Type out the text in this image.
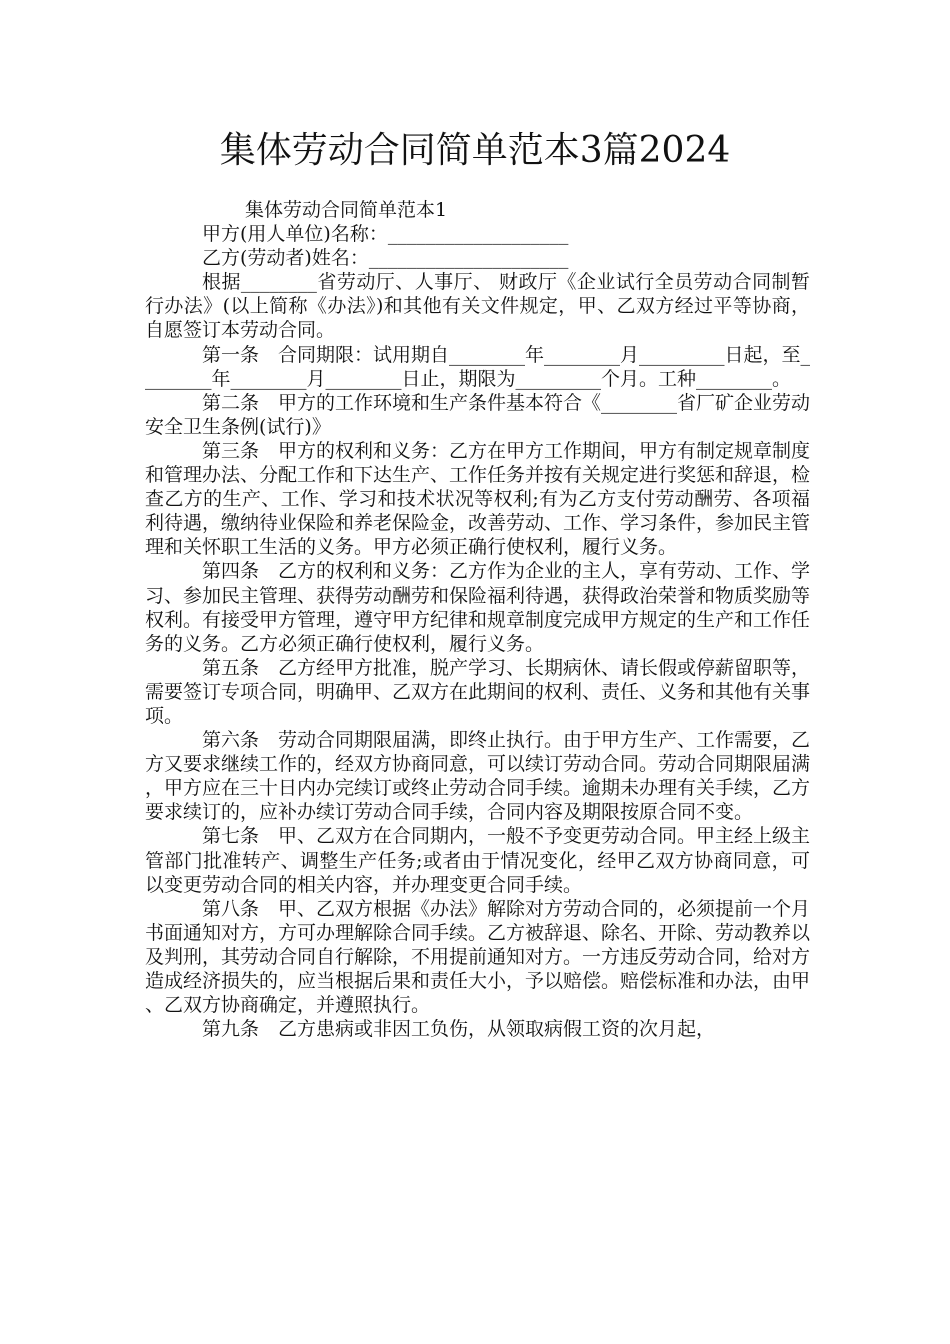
集体劳动合同简单范本3篇2024

集体劳动合同简单范本1

甲方(用人单位)名称：___________________

乙方(劳动者)姓名：_____________________

根据________省劳动厅、人事厅、 财政厅《企业试行全员劳动合同制暂行办法》(以上简称《办法》)和其他有关文件规定，甲、乙双方经过平等协商， 自愿签订本劳动合同。

第一条　合同期限：试用期自________年________月_________日起，至________年________月________日止，期限为_________个月。工种________。

第二条　甲方的工作环境和生产条件基本符合《________省厂矿企业劳动安全卫生条例(试行)》

第三条　甲方的权利和义务：乙方在甲方工作期间，甲方有制定规章制度和管理办法、分配工作和下达生产、工作任务并按有关规定进行奖惩和辞退，检查乙方的生产、工作、学习和技术状况等权利;有为乙方支付劳动酬劳、各项福利待遇，缴纳待业保险和养老保险金，改善劳动、工作、学习条件，参加民主管理和关怀职工生活的义务。甲方必须正确行使权利，履行义务。

第四条　乙方的权利和义务：乙方作为企业的主人，享有劳动、工作、学习、参加民主管理、获得劳动酬劳和保险福利待遇，获得政治荣誉和物质奖励等权利。有接受甲方管理，遵守甲方纪律和规章制度完成甲方规定的生产和工作任务的义务。乙方必须正确行使权利，履行义务。

第五条　乙方经甲方批准，脱产学习、长期病休、请长假或停薪留职等，需要签订专项合同，明确甲、乙双方在此期间的权利、责任、义务和其他有关事项。

第六条　劳动合同期限届满，即终止执行。由于甲方生产、工作需要，乙方又要求继续工作的，经双方协商同意，可以续订劳动合同。劳动合同期限届满，甲方应在三十日内办完续订或终止劳动合同手续。逾期未办理有关手续，乙方要求续订的，应补办续订劳动合同手续，合同内容及期限按原合同不变。

第七条　甲、乙双方在合同期内，一般不予变更劳动合同。甲主经上级主管部门批准转产、调整生产任务;或者由于情况变化，经甲乙双方协商同意，可以变更劳动合同的相关内容，并办理变更合同手续。

第八条　甲、乙双方根据《办法》解除对方劳动合同的，必须提前一个月书面通知对方，方可办理解除合同手续。乙方被辞退、除名、开除、劳动教养以及判刑，其劳动合同自行解除，不用提前通知对方。一方违反劳动合同，给对方造成经济损失的，应当根据后果和责任大小，予以赔偿。赔偿标准和办法，由甲、乙双方协商确定，并遵照执行。

第九条　乙方患病或非因工负伤，从领取病假工资的次月起，
